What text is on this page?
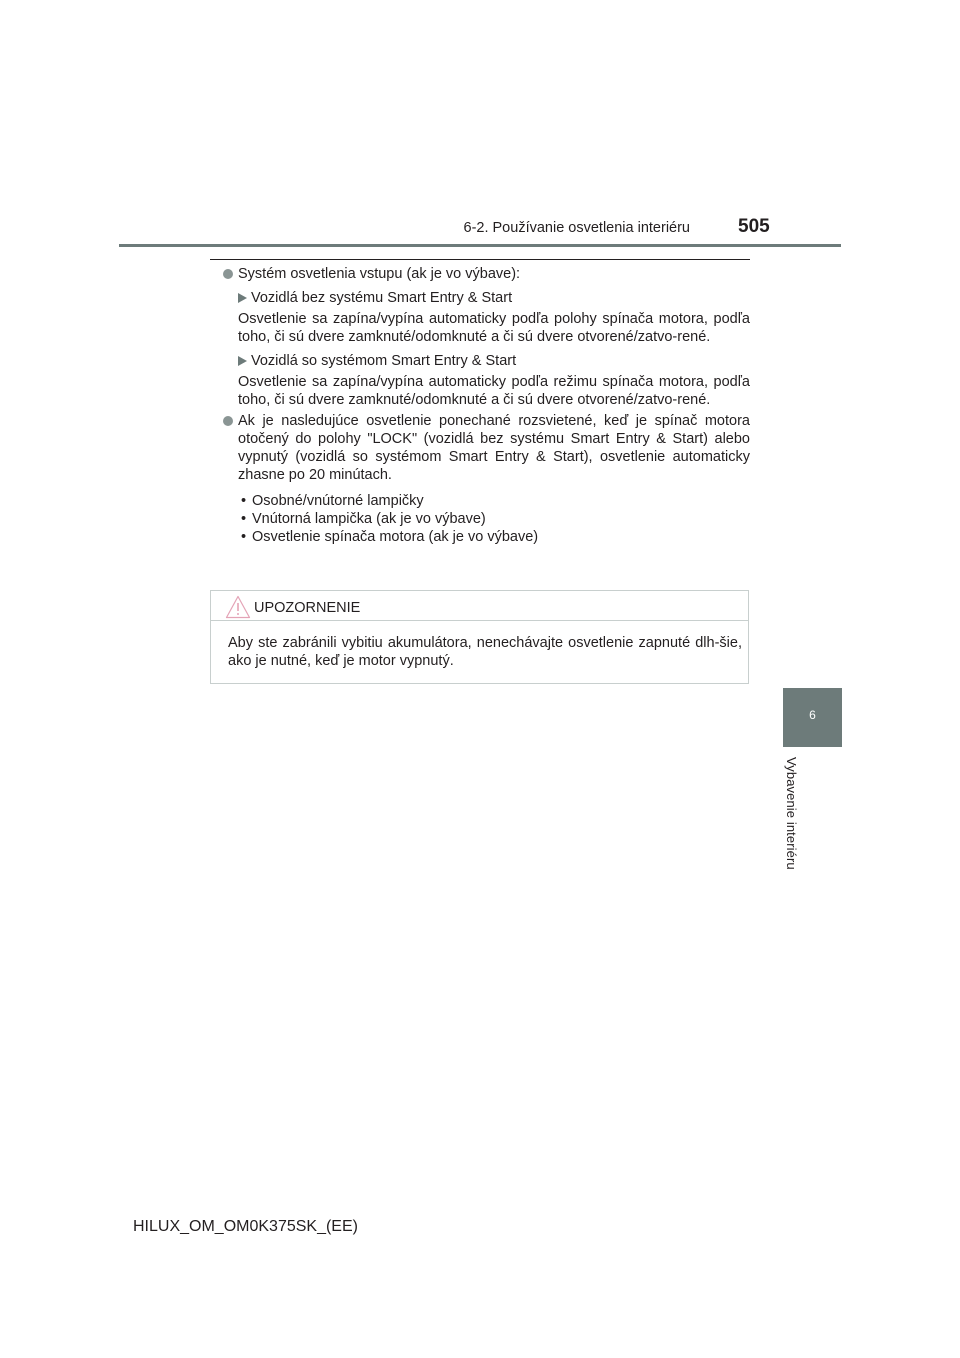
6-2. Používanie osvetlenia interiéru	505
6
Vybavenie interiéru
Systém osvetlenia vstupu (ak je vo výbave):
Vozidlá bez systému Smart Entry & Start
Osvetlenie sa zapína/vypína automaticky podľa polohy spínača motora, podľa toho, či sú dvere zamknuté/odomknuté a či sú dvere otvorené/zatvo-rené.
Vozidlá so systémom Smart Entry & Start
Osvetlenie sa zapína/vypína automaticky podľa režimu spínača motora, podľa toho, či sú dvere zamknuté/odomknuté a či sú dvere otvorené/zatvo-rené.
Ak je nasledujúce osvetlenie ponechané rozsvietené, keď je spínač motora otočený do polohy "LOCK" (vozidlá bez systému Smart Entry & Start) alebo vypnutý (vozidlá so systémom Smart Entry & Start), osvetlenie automaticky zhasne po 20 minútach.
• Osobné/vnútorné lampičky
• Vnútorná lampička (ak je vo výbave)
• Osvetlenie spínača motora (ak je vo výbave)
UPOZORNENIE
Aby ste zabránili vybitiu akumulátora, nenechávajte osvetlenie zapnuté dlh-šie, ako je nutné, keď je motor vypnutý.
HILUX_OM_OM0K375SK_(EE)
